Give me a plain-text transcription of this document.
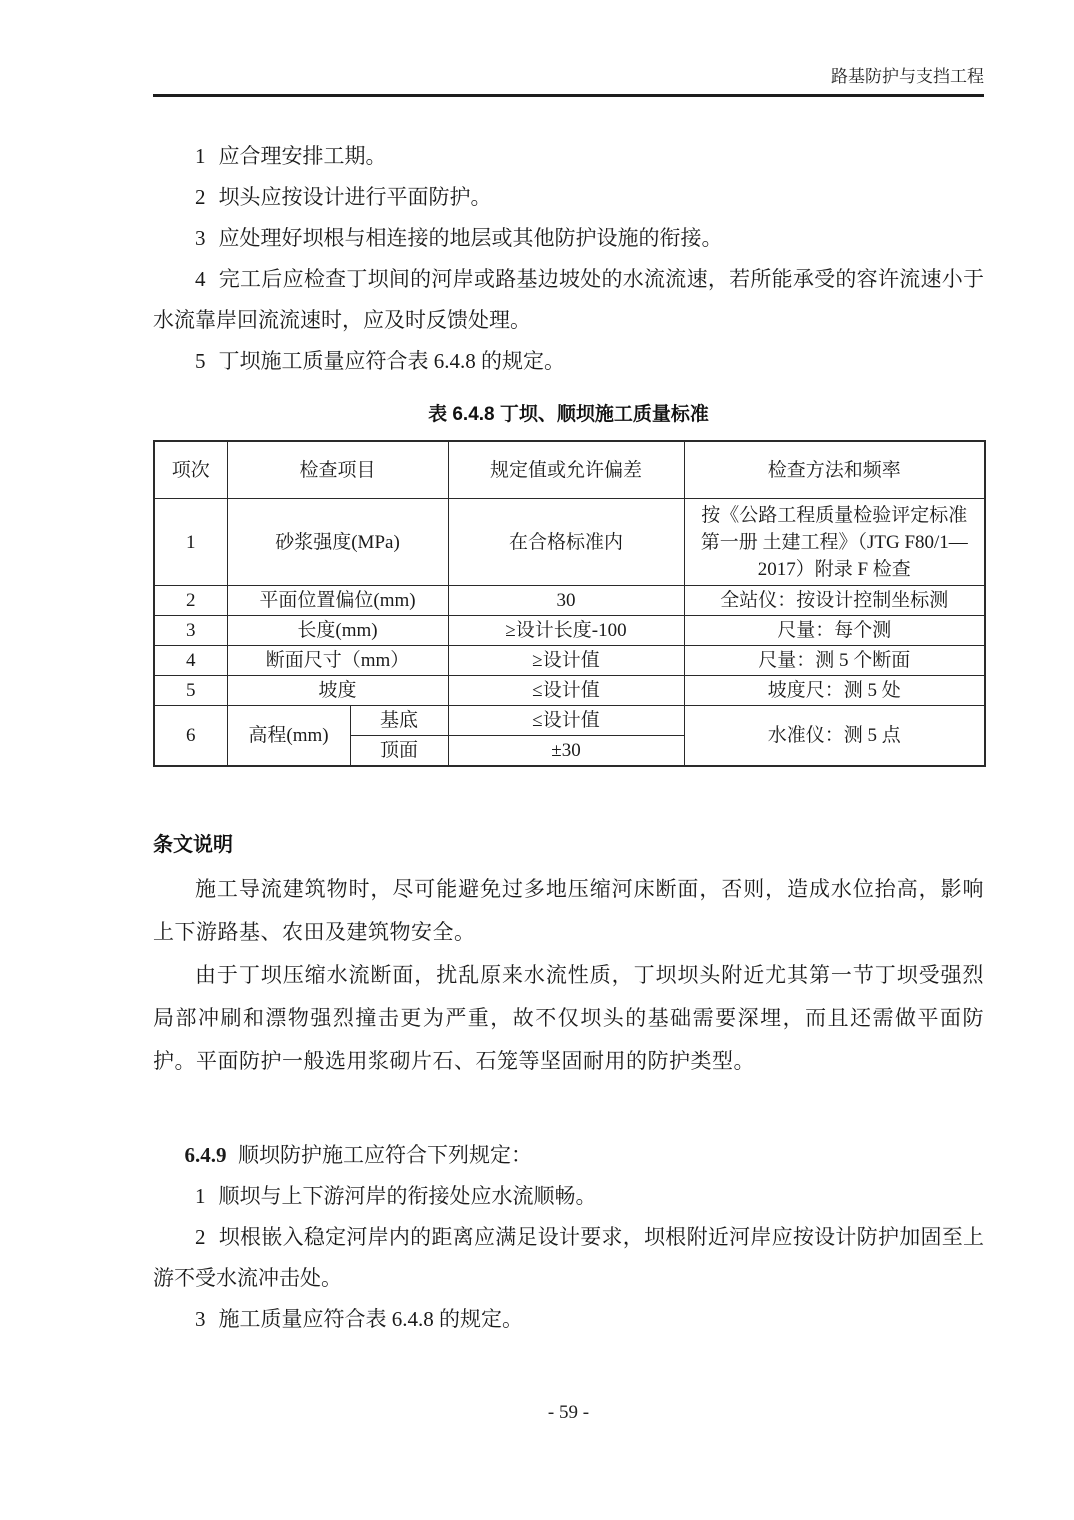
路基防护与支挡工程

1 应合理安排工期。

2 坝头应按设计进行平面防护。

3 应处理好坝根与相连接的地层或其他防护设施的衔接。

4 完工后应检查丁坝间的河岸或路基边坡处的水流流速，若所能承受的容许流速小于水流靠岸回流流速时，应及时反馈处理。

5 丁坝施工质量应符合表 6.4.8 的规定。

表 6.4.8 丁坝、顺坝施工质量标准
项次	检查项目		规定值或允许偏差	检查方法和频率
1	砂浆强度(MPa)		在合格标准内	按《公路工程质量检验评定标准 第一册 土建工程》（JTG F80/1—2017）附录 F 检查
2	平面位置偏位(mm)		30	全站仪：按设计控制坐标测
3	长度(mm)		≥设计长度-100	尺量：每个测
4	断面尺寸（mm）		≥设计值	尺量：测 5 个断面
5	坡度		≤设计值	坡度尺：测 5 处
6	高程(mm)	基底	≤设计值	水准仪：测 5 点
		顶面	±30	
条文说明

施工导流建筑物时，尽可能避免过多地压缩河床断面，否则，造成水位抬高，影响上下游路基、农田及建筑物安全。

由于丁坝压缩水流断面，扰乱原来水流性质，丁坝坝头附近尤其第一节丁坝受强烈局部冲刷和漂物强烈撞击更为严重，故不仅坝头的基础需要深埋，而且还需做平面防护。平面防护一般选用浆砌片石、石笼等坚固耐用的防护类型。

6.4.9 顺坝防护施工应符合下列规定：

1 顺坝与上下游河岸的衔接处应水流顺畅。

2 坝根嵌入稳定河岸内的距离应满足设计要求，坝根附近河岸应按设计防护加固至上游不受水流冲击处。

3 施工质量应符合表 6.4.8 的规定。

- 59 -
